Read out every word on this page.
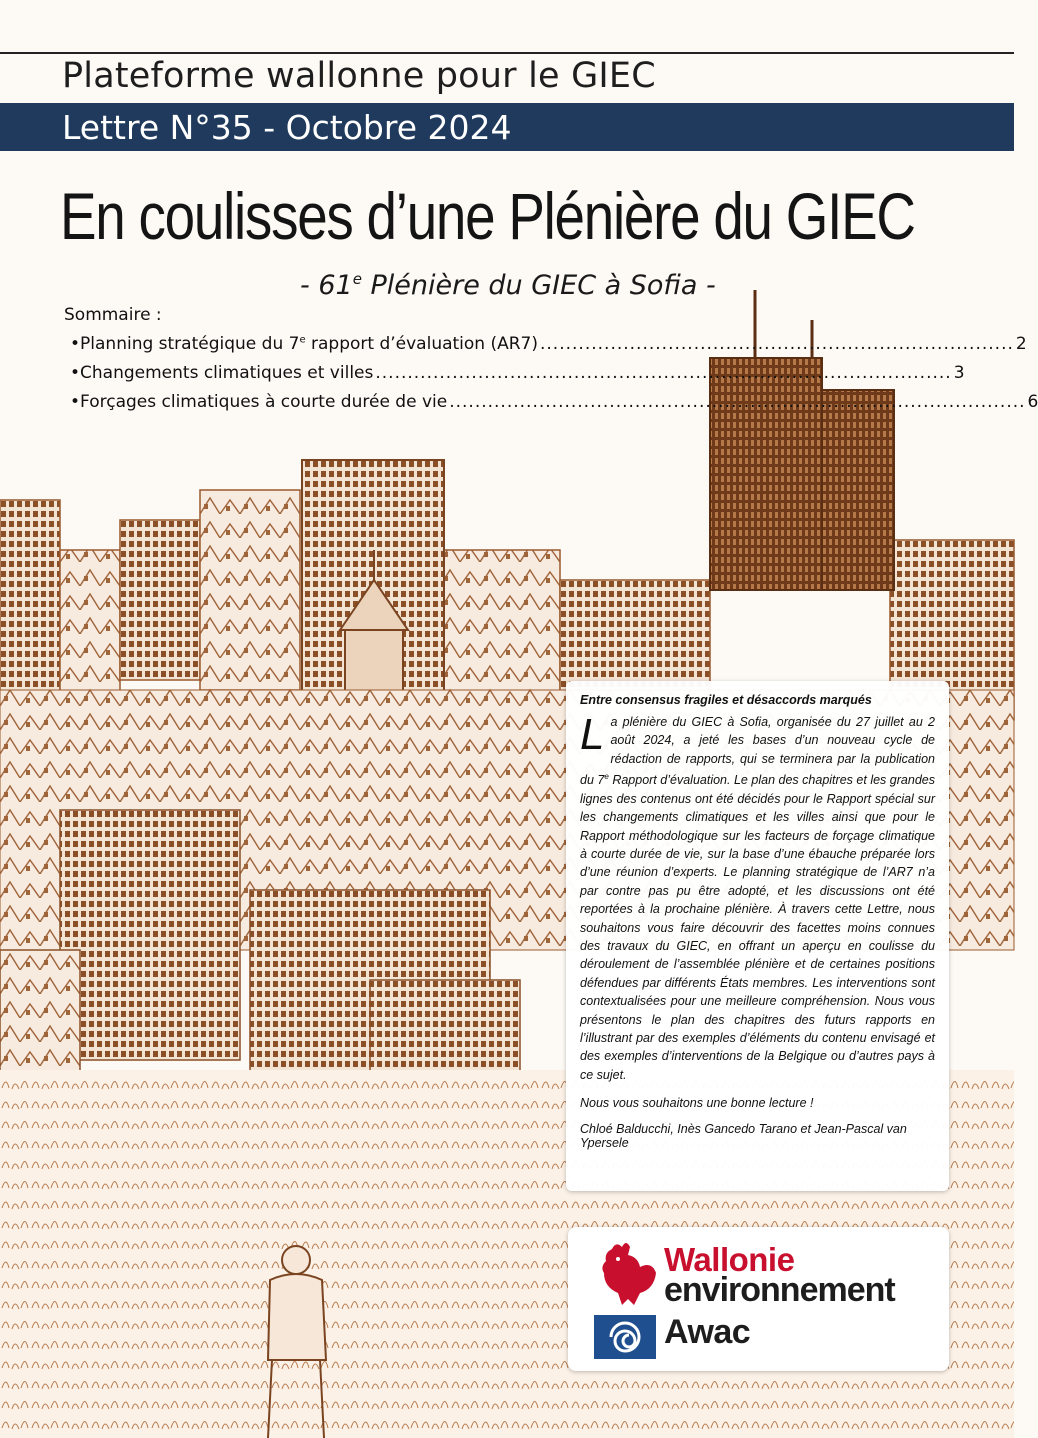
Plateforme wallonne pour le GIEC
Lettre N°35 - Octobre 2024
En coulisses d’une Plénière du GIEC
- 61e Plénière du GIEC à Sofia -
Sommaire :
• Planning stratégique du 7e rapport d’évaluation (AR7) .......................................................................... 2
• Changements climatiques et villes .......................................................................................... 3
• Forçages climatiques à courte durée de vie .......................................................................................... 6
Entre consensus fragiles et désaccords marqués
La plénière du GIEC à Sofia, organisée du 27 juillet au 2 août 2024, a jeté les bases d’un nouveau cycle de rédaction de rapports, qui se terminera par la publication du 7e Rapport d’évaluation. Le plan des chapitres et les grandes lignes des contenus ont été décidés pour le Rapport spécial sur les changements climatiques et les villes ainsi que pour le Rapport méthodologique sur les facteurs de forçage climatique à courte durée de vie, sur la base d’une ébauche préparée lors d’une réunion d’experts. Le planning stratégique de l’AR7 n’a par contre pas pu être adopté, et les discussions ont été reportées à la prochaine plénière. À travers cette Lettre, nous souhaitons vous faire découvrir des facettes moins connues des travaux du GIEC, en offrant un aperçu en coulisse du déroulement de l’assemblée plénière et de certaines positions défendues par différents États membres. Les interventions sont contextualisées pour une meilleure compréhension. Nous vous présentons le plan des chapitres des futurs rapports en l’illustrant par des exemples d’éléments du contenu envisagé et des exemples d’interventions de la Belgique ou d’autres pays à ce sujet.
Nous vous souhaitons une bonne lecture !
Chloé Balducchi, Inès Gancedo Tarano et Jean-Pascal van Ypersele
Wallonie
environnement
Awac
